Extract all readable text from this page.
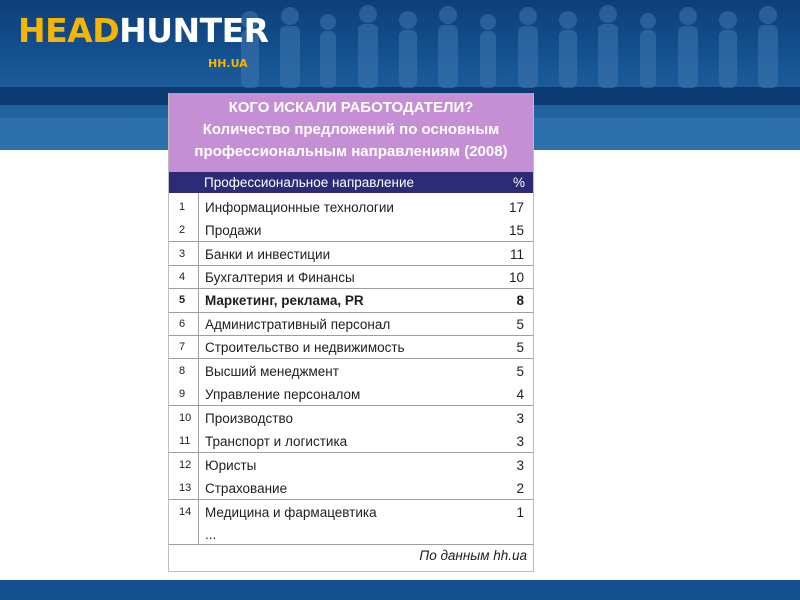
HEADHUNTER
HH.UA
КОГО ИСКАЛИ РАБОТОДАТЕЛИ?
Количество предложений по основным
профессиональным направлениям (2008)
Профессиональное направление	%
1 Информационные технологии	17
2 Продажи	15
3 Банки и инвестиции	11
4 Бухгалтерия и Финансы	10
5 Маркетинг, реклама, PR	8
6 Административный персонал	5
7 Строительство и недвижимость	5
8 Высший менеджмент	5
9 Управление персоналом	4
10 Производство	3
11 Транспорт и логистика	3
12 Юристы	3
13 Страхование	2
14 Медицина и фармацевтика	1
...
По данным hh.ua
